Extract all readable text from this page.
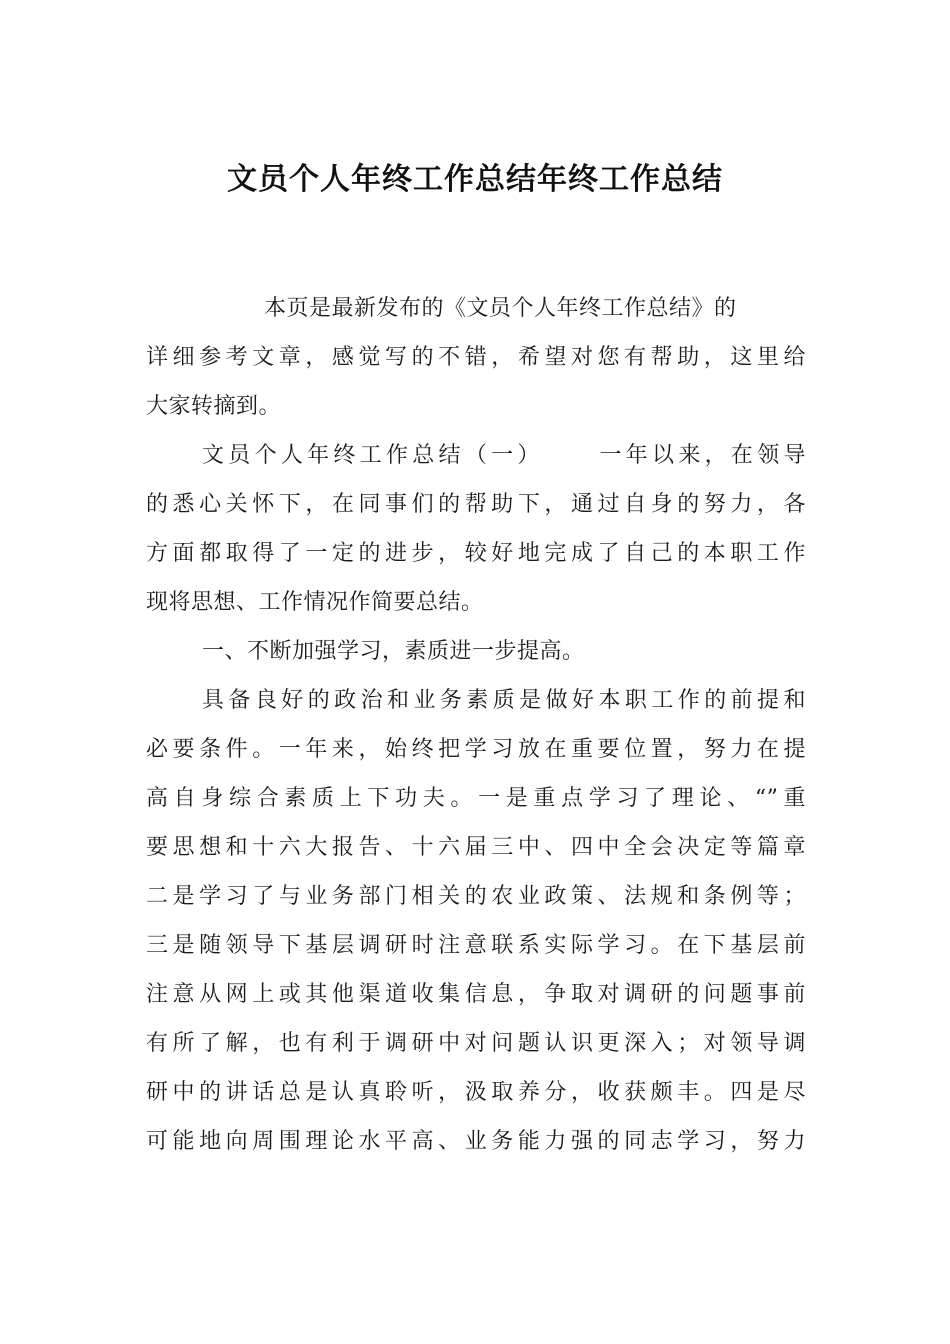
文员个人年终工作总结年终工作总结
本页是最新发布的《文员个人年终工作总结》的
详细参考文章，感觉写的不错，希望对您有帮助，这里给
大家转摘到。
文员个人年终工作总结（一） 一年以来，在领导
的悉心关怀下，在同事们的帮助下，通过自身的努力，各
方面都取得了一定的进步，较好地完成了自己的本职工作
现将思想、工作情况作简要总结。
一、不断加强学习，素质进一步提高。
具备良好的政治和业务素质是做好本职工作的前提和
必要条件。一年来，始终把学习放在重要位置，努力在提
高自身综合素质上下功夫。一是重点学习了理论、“”重
要思想和十六大报告、十六届三中、四中全会决定等篇章
二是学习了与业务部门相关的农业政策、法规和条例等；
三是随领导下基层调研时注意联系实际学习。在下基层前
注意从网上或其他渠道收集信息，争取对调研的问题事前
有所了解，也有利于调研中对问题认识更深入；对领导调
研中的讲话总是认真聆听，汲取养分，收获颇丰。四是尽
可能地向周围理论水平高、业务能力强的同志学习，努力
